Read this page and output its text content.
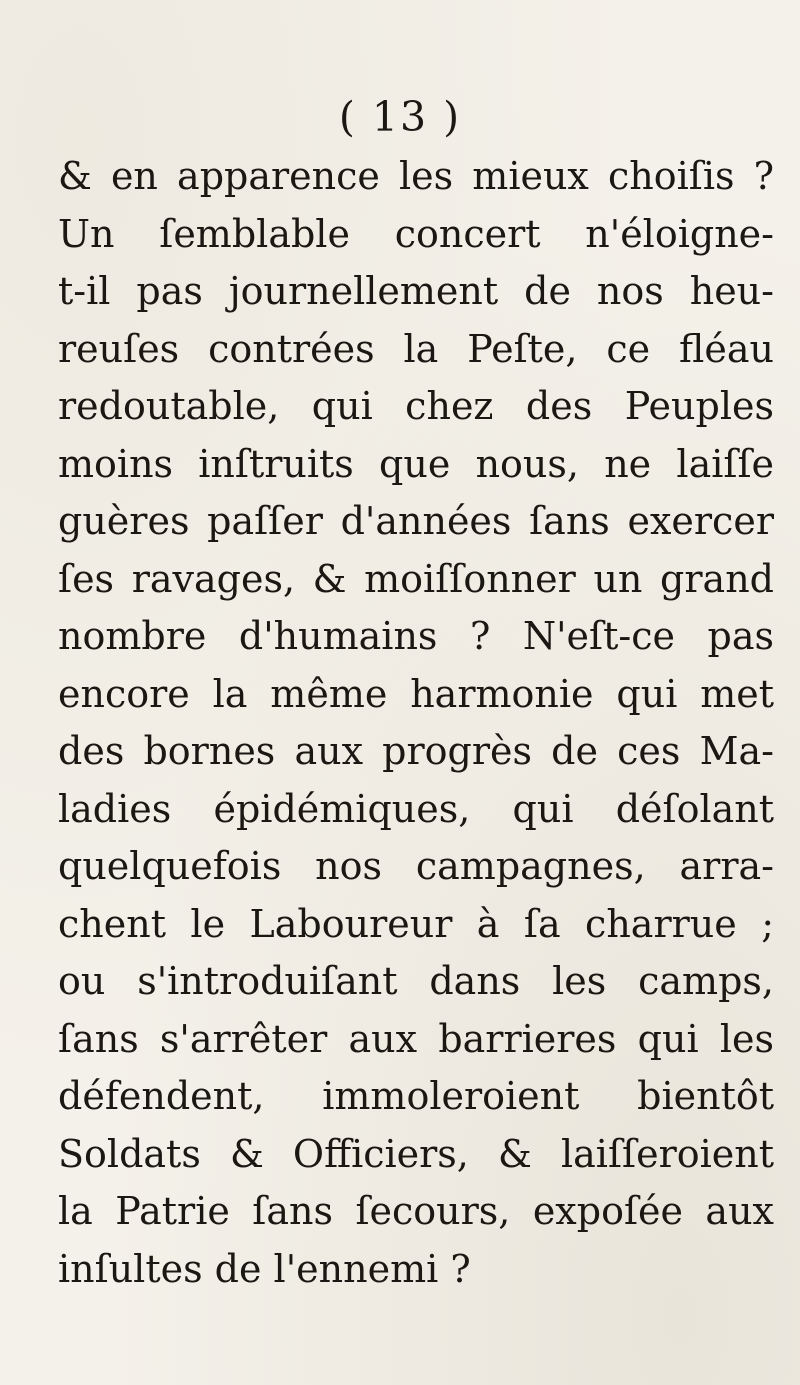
( 13 )
& en apparence les mieux choiſis ?
Un ſemblable concert n'éloigne-
t-il pas journellement de nos heu-
reuſes contrées la Peſte, ce fléau
redoutable, qui chez des Peuples
moins inſtruits que nous, ne laiſſe
guères paſſer d'années ſans exercer
ſes ravages, & moiſſonner un grand
nombre d'humains ? N'eſt-ce pas
encore la même harmonie qui met
des bornes aux progrès de ces Ma-
ladies épidémiques, qui déſolant
quelquefois nos campagnes, arra-
chent le Laboureur à ſa charrue ;
ou s'introduiſant dans les camps,
ſans s'arrêter aux barrieres qui les
défendent, immoleroient bientôt
Soldats & Officiers, & laiſſeroient
la Patrie ſans ſecours, expoſée aux
inſultes de l'ennemi ?
